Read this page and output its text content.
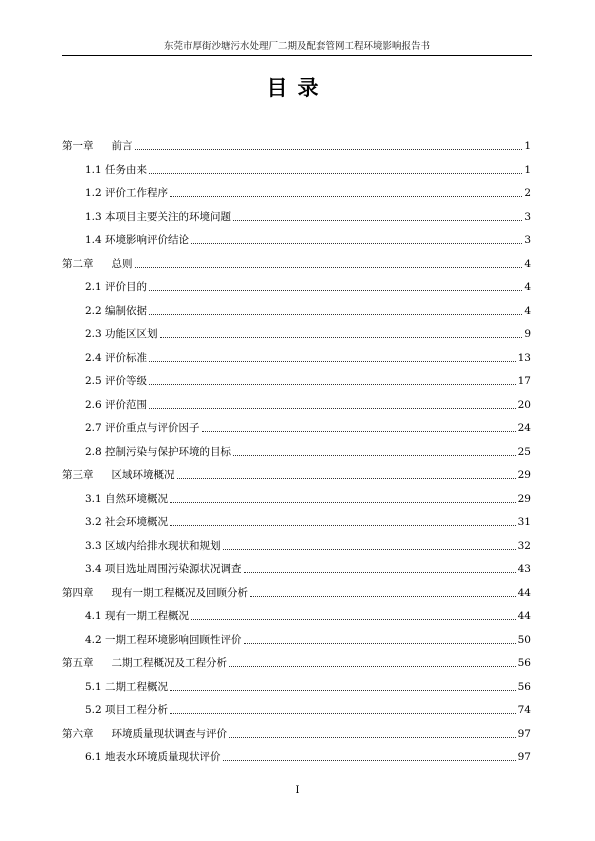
东莞市厚街沙塘污水处理厂二期及配套管网工程环境影响报告书
目录
第一章 前言	1
1.1 任务由来	1
1.2 评价工作程序	2
1.3 本项目主要关注的环境问题	3
1.4 环境影响评价结论	3
第二章 总则	4
2.1 评价目的	4
2.2 编制依据	4
2.3 功能区区划	9
2.4 评价标准	13
2.5 评价等级	17
2.6 评价范围	20
2.7 评价重点与评价因子	24
2.8 控制污染与保护环境的目标	25
第三章 区域环境概况	29
3.1 自然环境概况	29
3.2 社会环境概况	31
3.3 区域内给排水现状和规划	32
3.4 项目选址周围污染源状况调查	43
第四章 现有一期工程概况及回顾分析	44
4.1 现有一期工程概况	44
4.2 一期工程环境影响回顾性评价	50
第五章 二期工程概况及工程分析	56
5.1 二期工程概况	56
5.2 项目工程分析	74
第六章 环境质量现状调查与评价	97
6.1 地表水环境质量现状评价	97
I
